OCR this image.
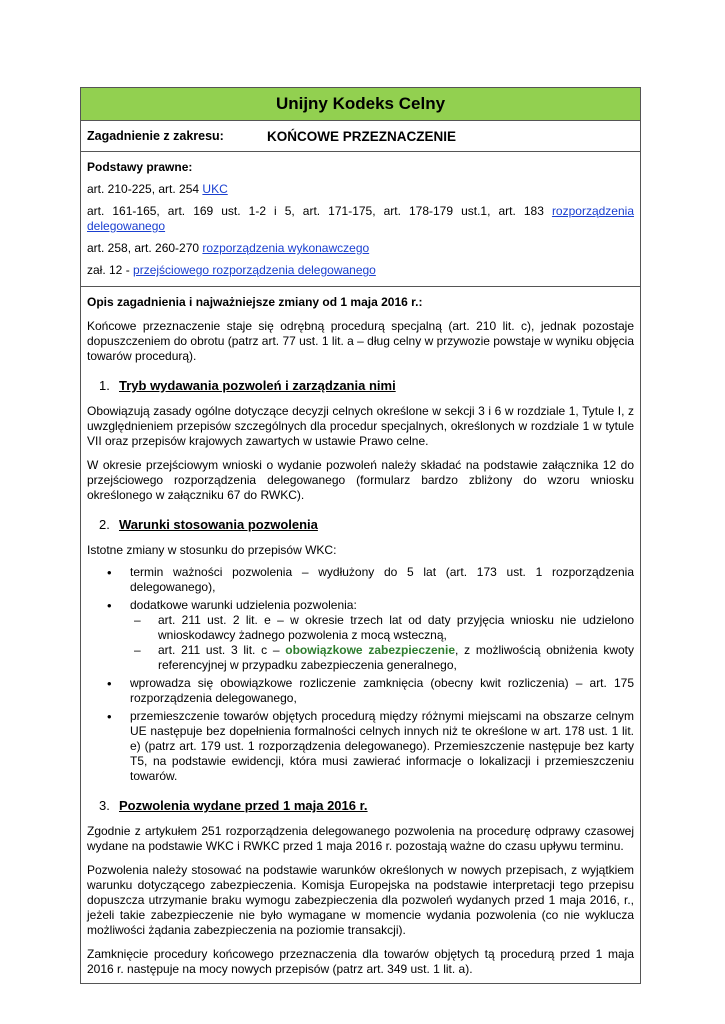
Unijny Kodeks Celny
Zagadnienie z zakresu:	KOŃCOWE PRZEZNACZENIE

Podstawy prawne:

art. 210-225, art. 254 UKC

art. 161-165, art. 169 ust. 1-2 i 5, art. 171-175, art. 178-179 ust.1, art. 183 rozporządzenia delegowanego

art. 258, art. 260-270 rozporządzenia wykonawczego

zał. 12 - przejściowego rozporządzenia delegowanego

Opis zagadnienia i najważniejsze zmiany od 1 maja 2016 r.:

Końcowe przeznaczenie staje się odrębną procedurą specjalną (art. 210 lit. c), jednak pozostaje dopuszczeniem do obrotu (patrz art. 77 ust. 1 lit. a – dług celny w przywozie powstaje w wyniku objęcia towarów procedurą).

1. Tryb wydawania pozwoleń i zarządzania nimi

Obowiązują zasady ogólne dotyczące decyzji celnych określone w sekcji 3 i 6 w rozdziale 1, Tytule I, z uwzględnieniem przepisów szczególnych dla procedur specjalnych, określonych w rozdziale 1 w tytule VII oraz przepisów krajowych zawartych w ustawie Prawo celne.

W okresie przejściowym wnioski o wydanie pozwoleń należy składać na podstawie załącznika 12 do przejściowego rozporządzenia delegowanego (formularz bardzo zbliżony do wzoru wniosku określonego w załączniku 67 do RWKC).

2. Warunki stosowania pozwolenia

Istotne zmiany w stosunku do przepisów WKC:

• termin ważności pozwolenia – wydłużony do 5 lat (art. 173 ust. 1 rozporządzenia delegowanego),
• dodatkowe warunki udzielenia pozwolenia:
– art. 211 ust. 2 lit. e – w okresie trzech lat od daty przyjęcia wniosku nie udzielono wnioskodawcy żadnego pozwolenia z mocą wsteczną,
– art. 211 ust. 3 lit. c – obowiązkowe zabezpieczenie, z możliwością obniżenia kwoty referencyjnej w przypadku zabezpieczenia generalnego,
• wprowadza się obowiązkowe rozliczenie zamknięcia (obecny kwit rozliczenia) – art. 175 rozporządzenia delegowanego,
• przemieszczenie towarów objętych procedurą między różnymi miejscami na obszarze celnym UE następuje bez dopełnienia formalności celnych innych niż te określone w art. 178 ust. 1 lit. e) (patrz art. 179 ust. 1 rozporządzenia delegowanego). Przemieszczenie następuje bez karty T5, na podstawie ewidencji, która musi zawierać informacje o lokalizacji i przemieszczeniu towarów.
3. Pozwolenia wydane przed 1 maja 2016 r.

Zgodnie z artykułem 251 rozporządzenia delegowanego pozwolenia na procedurę odprawy czasowej wydane na podstawie WKC i RWKC przed 1 maja 2016 r. pozostają ważne do czasu upływu terminu.

Pozwolenia należy stosować na podstawie warunków określonych w nowych przepisach, z wyjątkiem warunku dotyczącego zabezpieczenia. Komisja Europejska na podstawie interpretacji tego przepisu dopuszcza utrzymanie braku wymogu zabezpieczenia dla pozwoleń wydanych przed 1 maja 2016, r., jeżeli takie zabezpieczenie nie było wymagane w momencie wydania pozwolenia (co nie wyklucza możliwości żądania zabezpieczenia na poziomie transakcji).

Zamknięcie procedury końcowego przeznaczenia dla towarów objętych tą procedurą przed 1 maja 2016 r. następuje na mocy nowych przepisów (patrz art. 349 ust. 1 lit. a).
